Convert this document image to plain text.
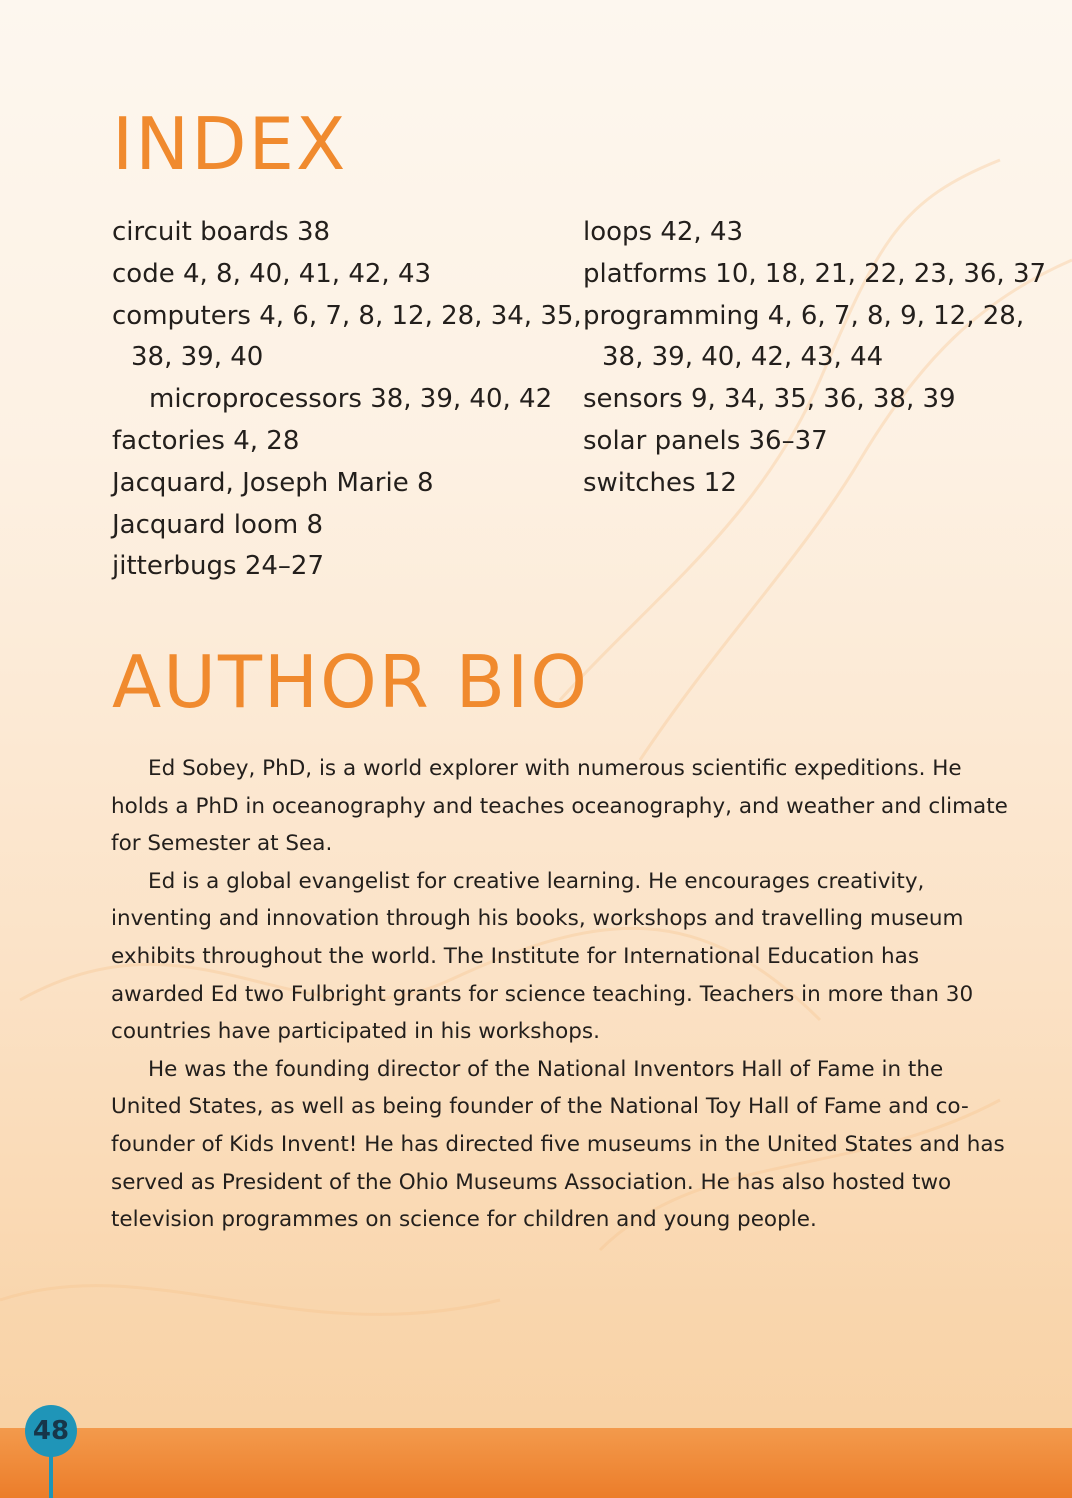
INDEX
circuit boards 38
code 4, 8, 40, 41, 42, 43
computers 4, 6, 7, 8, 12, 28, 34, 35,
38, 39, 40
microprocessors 38, 39, 40, 42
factories 4, 28
Jacquard, Joseph Marie 8
Jacquard loom 8
jitterbugs 24–27
loops 42, 43
platforms 10, 18, 21, 22, 23, 36, 37
programming 4, 6, 7, 8, 9, 12, 28,
38, 39, 40, 42, 43, 44
sensors 9, 34, 35, 36, 38, 39
solar panels 36–37
switches 12
AUTHOR BIO

Ed Sobey, PhD, is a world explorer with numerous scientific expeditions. He holds a PhD in oceanography and teaches oceanography, and weather and climate for Semester at Sea.

Ed is a global evangelist for creative learning. He encourages creativity, inventing and innovation through his books, workshops and travelling museum exhibits throughout the world. The Institute for International Education has awarded Ed two Fulbright grants for science teaching. Teachers in more than 30 countries have participated in his workshops.

He was the founding director of the National Inventors Hall of Fame in the United States, as well as being founder of the National Toy Hall of Fame and co-founder of Kids Invent! He has directed five museums in the United States and has served as President of the Ohio Museums Association. He has also hosted two television programmes on science for children and young people.

48
